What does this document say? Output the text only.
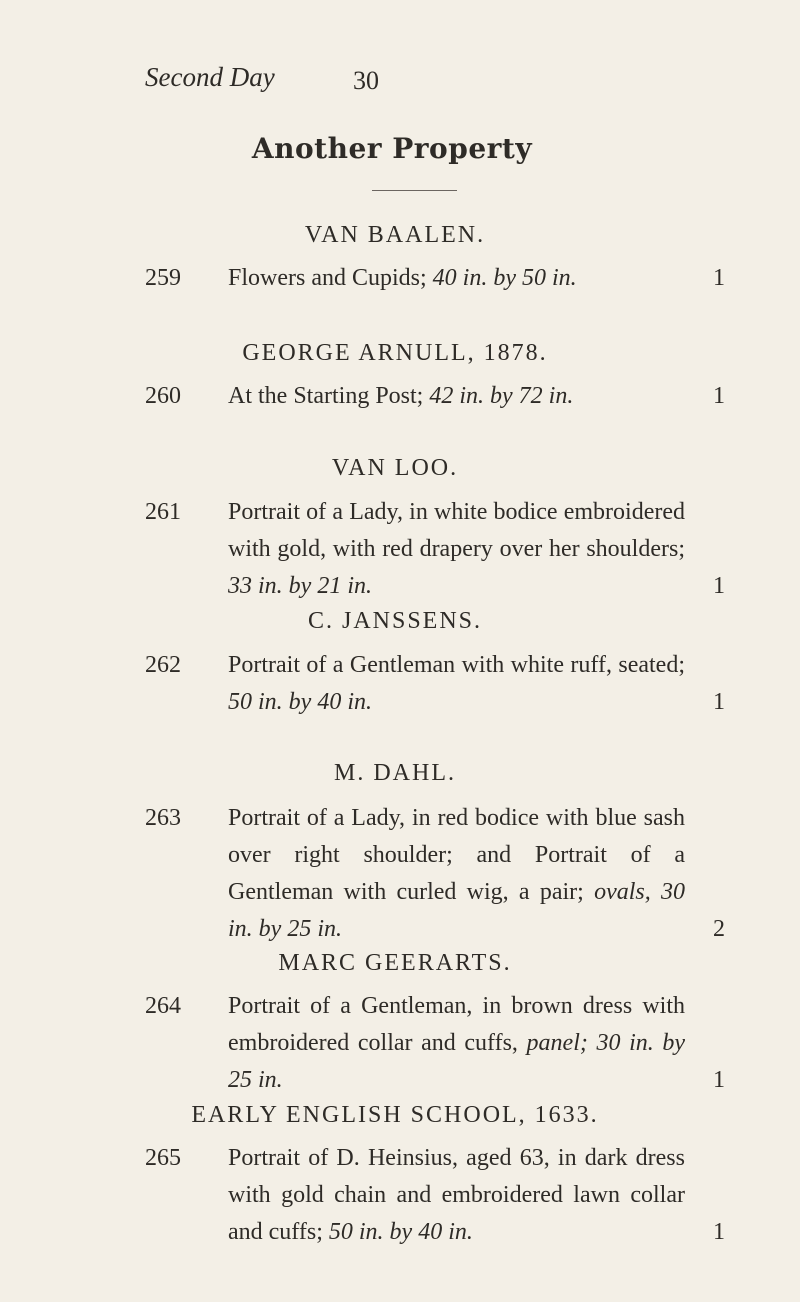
Second Day	30
Another Property
VAN BAALEN.
259	Flowers and Cupids; 40 in. by 50 in.	1
GEORGE ARNULL, 1878.
260	At the Starting Post; 42 in. by 72 in.	1
VAN LOO.
261	Portrait of a Lady, in white bodice embroidered with gold, with red drapery over her shoulders; 33 in. by 21 in.	1
C. JANSSENS.
262	Portrait of a Gentleman with white ruff, seated; 50 in. by 40 in.	1
M. DAHL.
263	Portrait of a Lady, in red bodice with blue sash over right shoulder; and Portrait of a Gentleman with curled wig, a pair; ovals, 30 in. by 25 in.	2
MARC GEERARTS.
264	Portrait of a Gentleman, in brown dress with embroidered collar and cuffs, panel; 30 in. by 25 in.	1
EARLY ENGLISH SCHOOL, 1633.
265	Portrait of D. Heinsius, aged 63, in dark dress with gold chain and embroidered lawn collar and cuffs; 50 in. by 40 in.	1
